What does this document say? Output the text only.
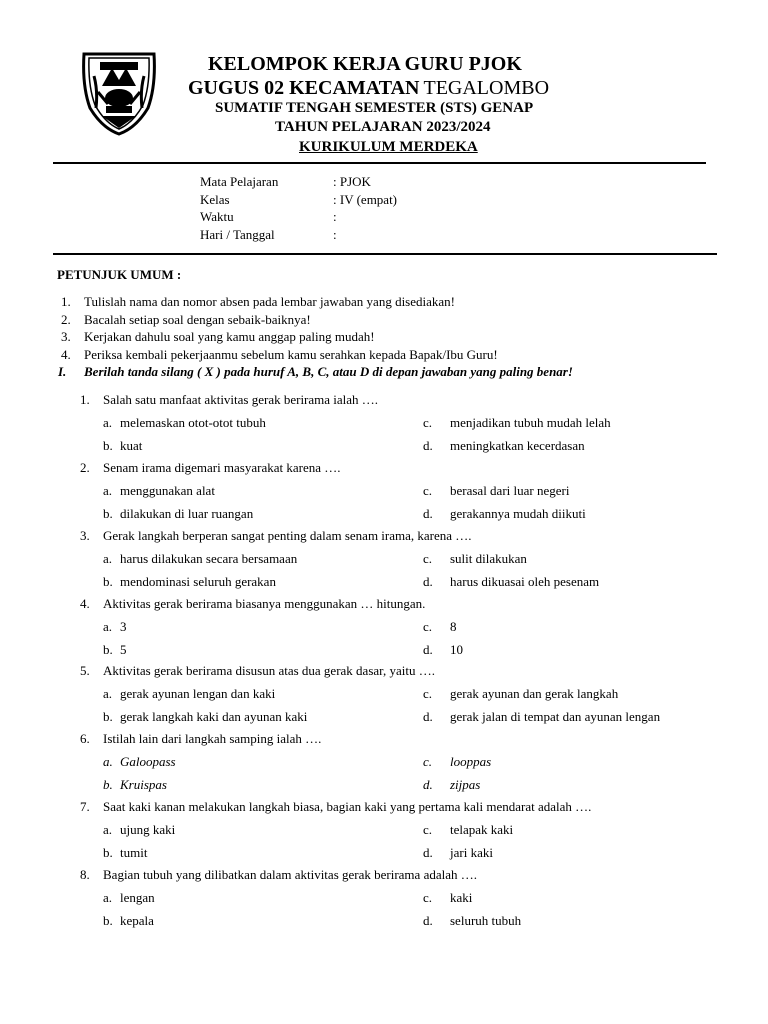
KELOMPOK KERJA GURU PJOK
GUGUS 02 KECAMATAN TEGALOMBO
SUMATIF TENGAH SEMESTER (STS) GENAP
TAHUN PELAJARAN 2023/2024
KURIKULUM MERDEKA
Mata Pelajaran	: PJOK
Kelas	: IV (empat)
Waktu	:
Hari / Tanggal	:
PETUNJUK UMUM :
1. Tulislah nama dan nomor absen pada lembar jawaban yang disediakan!
2. Bacalah setiap soal dengan sebaik-baiknya!
3. Kerjakan dahulu soal yang kamu anggap paling mudah!
4. Periksa kembali pekerjaanmu sebelum kamu serahkan kepada Bapak/Ibu Guru!
I. Berilah tanda silang ( X ) pada huruf A, B, C, atau D di depan jawaban yang paling benar!
1. Salah satu manfaat aktivitas gerak berirama ialah ….
a. melemaskan otot-otot tubuh
b. kuat
c. menjadikan tubuh mudah lelah
d. meningkatkan kecerdasan
2. Senam irama digemari masyarakat karena ….
a. menggunakan alat
b. dilakukan di luar ruangan
c. berasal dari luar negeri
d. gerakannya mudah diikuti
3. Gerak langkah berperan sangat penting dalam senam irama, karena ….
a. harus dilakukan secara bersamaan
b. mendominasi seluruh gerakan
c. sulit dilakukan
d. harus dikuasai oleh pesenam
4. Aktivitas gerak berirama biasanya menggunakan … hitungan.
a. 3
b. 5
c. 8
d. 10
5. Aktivitas gerak berirama disusun atas dua gerak dasar, yaitu ….
a. gerak ayunan lengan dan kaki
b. gerak langkah kaki dan ayunan kaki
c. gerak ayunan dan gerak langkah
d. gerak jalan di tempat dan ayunan lengan
6. Istilah lain dari langkah samping ialah ….
a. Galoopass
b. Kruispas
c. looppas
d. zijpas
7. Saat kaki kanan melakukan langkah biasa, bagian kaki yang pertama kali mendarat adalah ….
a. ujung kaki
b. tumit
c. telapak kaki
d. jari kaki
8. Bagian tubuh yang dilibatkan dalam aktivitas gerak berirama adalah ….
a. lengan
b. kepala
c. kaki
d. seluruh tubuh
